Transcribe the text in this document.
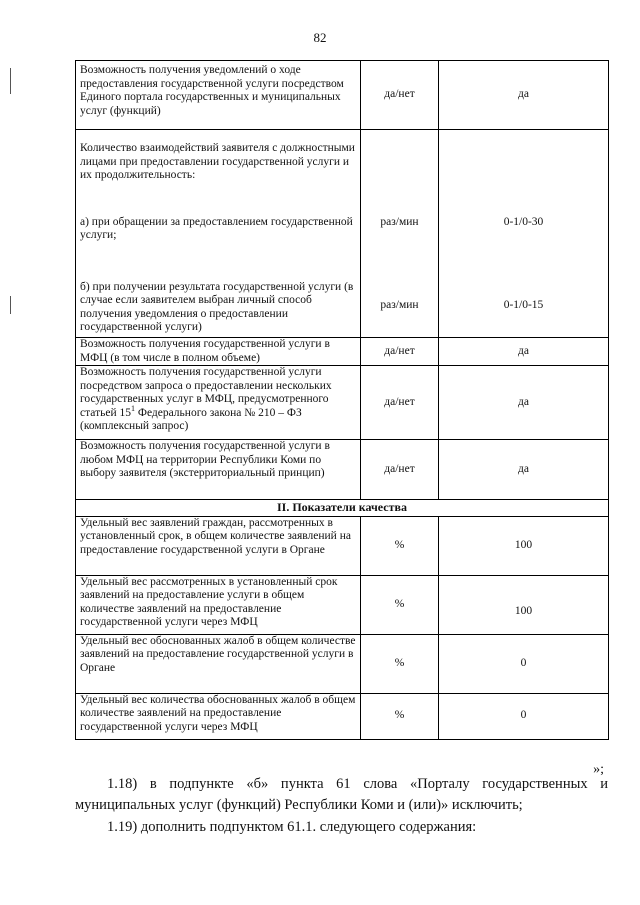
82
Возможность получения уведомлений о ходе предоставления государственной услуги посредством Единого портала государственных и муниципальных услуг (функций)	да/нет	да
Количество взаимодействий заявителя с должностными лицами при предоставлении государственной услуги и их продолжительность:		
а) при обращении за предоставлением государственной услуги;	раз/мин	0-1/0-30
б) при получении результата государственной услуги (в случае если заявителем выбран личный способ получения уведомления о предоставлении государственной услуги)	раз/мин	0-1/0-15
Возможность получения государственной услуги в МФЦ (в том числе в полном объеме)	да/нет	да
Возможность получения государственной услуги посредством запроса о предоставлении нескольких государственных услуг в МФЦ, предусмотренного статьей $15^1$ Федерального закона № 210 – ФЗ (комплексный запрос)	да/нет	да
Возможность получения государственной услуги в любом МФЦ на территории Республики Коми по выбору заявителя (экстерриториальный принцип)	да/нет	да
II. Показатели качества		
Удельный вес заявлений граждан, рассмотренных в установленный срок, в общем количестве заявлений на предоставление государственной услуги в Органе	%	100
Удельный вес рассмотренных в установленный срок заявлений на предоставление услуги в общем количестве заявлений на предоставление государственной услуги через МФЦ	%	100
Удельный вес обоснованных жалоб в общем количестве заявлений на предоставление государственной услуги в Органе	%	0
Удельный вес количества обоснованных жалоб в общем количестве заявлений на предоставление государственной услуги через МФЦ	%	0
»;
1.18) в подпункте «б» пункта 61 слова «Порталу государственных и муниципальных услуг (функций) Республики Коми и (или)» исключить;
1.19) дополнить подпунктом 61.1. следующего содержания:
